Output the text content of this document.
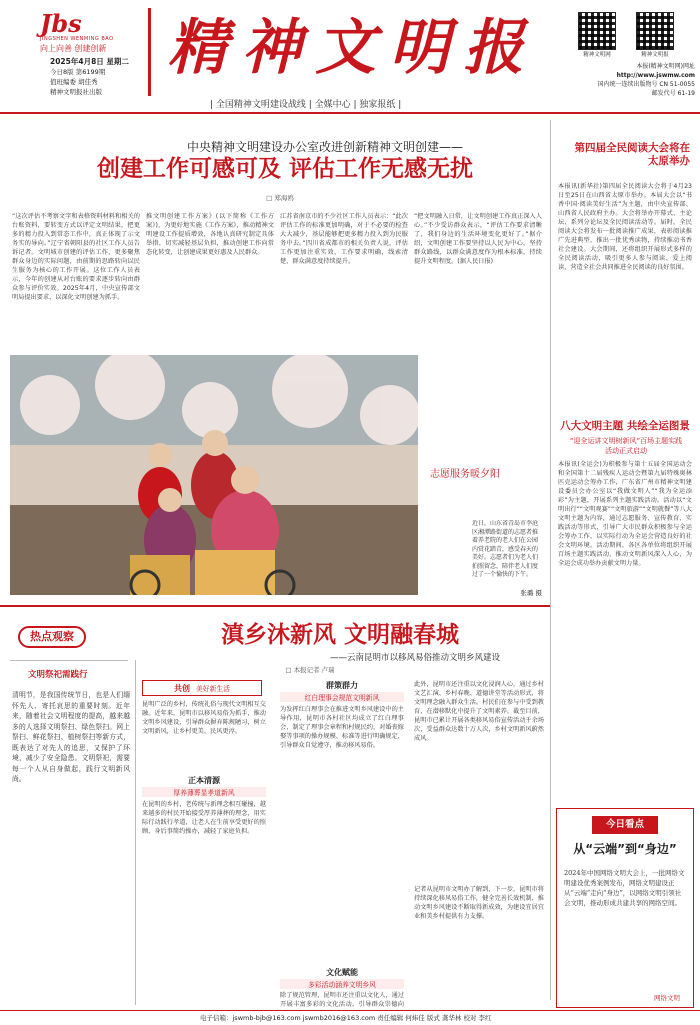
Jbs
JINGSHEN WENMING BAO
向上向善 创建创新
2025年4月8日 星期二
今日8版 第6199期
值班编委 胡佳秀
精神文明报社出版
精神文明报	精神文明网	精神文明报
本报(精神文明网)网址
http://www.jswmw.com
国内统一连续出版物号 CN 51-0055
邮发代号 61-19
| 全国精神文明建设战线 | 全媒中心 | 独家报纸 |
中央精神文明建设办公室改进创新精神文明创建——
创建工作可感可及 评估工作无感无扰
□ 郑海鸥
“这次评估不考察文字和表格资料材料和相关的台账资料，要转变方式以评定文明结果，把更多的精力投入到常态工作中，真正体现了示文务实的导向。”辽宁省朝阳县的社区工作人员告诉记者。文明城市创建的评估工作，更多聚焦群众身边的实际问题，由前期的思路转向以民生服务为核心的工作开展。这位工作人员表示，今年的创建从对台账的要求逐步转向由群众参与评价实效。2025年4月，中央宣传部文明局提出要求，以深化文明创建为抓手。
推文明创建工作方案》(以下简称《工作方案》)，为更好地实施《工作方案》，推动精神文明建设工作提质增效，各地认真研究制定具体举措，切实减轻基层负担，推动创建工作向常态化转变，让创建成果更好惠及人民群众。
江苏省南京市的不少社区工作人员表示：“此次评估工作的标准更加明确，对于不必要的检查大大减少，基层能够把更多精力投入到为民服务中去。”四川省成都市的相关负责人说，评估工作更加注重实效，工作要求明确，线索清楚，群众满意度持续提升。
“把文明融入日常，让文明创建工作真正深入人心。”不少受访群众表示，“评估工作要求清晰了，我们身边的生活环境变化更好了。”据介绍，文明创建工作要坚持以人民为中心，坚持群众路线，以群众满意度作为根本标准，持续提升文明程度。(据人民日报)
第四届全民阅读大会将在太原举办
本报讯(新华社)第四届全民阅读大会将于4月23日至25日在山西省太原市举办。本届大会以“书香中国·阅读美好生活”为主题，由中央宣传部、山西省人民政府主办。大会将举办开幕式、主论坛、系列分论坛及全民阅读活动等。届时，全民阅读大会将发布一批阅读推广成果，表彰阅读推广先进典型，推出一批优秀读物，持续推动书香社会建设。大会期间，还将组织开展形式多样的全民阅读活动，吸引更多人参与阅读、爱上阅读，营造全社会共同推进全民阅读的良好氛围。
八大文明主题 共绘全运图景
“迎全运讲文明树新风”百场主题实践活动正式启动
本报讯(全运会)为积极参与第十五届全国运动会和全国第十二届残疾人运动会暨第九届特殊奥林匹克运动会筹办工作，广东省广州市精神文明建设委员会办公室以“我做文明人”“我为全运添彩”为主题，开展系列主题实践活动。活动以“文明出行”“文明观赛”“文明旅游”“文明就餐”等八大文明主题为内容，通过志愿服务、宣传教育、实践活动等形式，引导广大市民群众积极参与全运会筹办工作，以实际行动为全运会营造良好的社会文明环境。活动期间，各区各单位将组织开展百场主题实践活动，推动文明新风深入人心，为全运会成功举办贡献文明力量。
志愿服务暖夕阳
近日，山东省青岛市李沧区湘潭路街道的志愿者推着养老院的老人们在公园内赏花踏青，感受春天的美好。志愿者们为老人们拍照留念，陪伴老人们度过了一个愉快的下午。
张璐 摄
热点观察	滇乡沐新风 文明融春城
——云南昆明市以移风易俗推动文明乡风建设
□ 本报记者 卢瑞
文明祭祀需践行
清明节，是我国传统节日，也是人们缅怀先人、寄托哀思的重要时刻。近年来，随着社会文明程度的提高，越来越多的人选择文明祭扫、绿色祭扫。网上祭扫、鲜花祭扫、植树祭扫等新方式，既表达了对先人的追思，又保护了环境，减少了安全隐患。文明祭祀，需要每一个人从自身做起，践行文明新风尚。
共创 美好新生活
昆明广泛的乡村，传统礼俗与现代文明相互交融。近年来，昆明市以移风易俗为抓手，推动文明乡风建设，引导群众摒弃陈规陋习，树立文明新风，让乡村更美、民风更淳。
正本清源
厚养薄葬显孝道新风
在昆明的乡村，老传统与新理念相互碰撞，越来越多的村民开始接受厚养薄葬的理念，用实际行动践行孝道，让老人在生前享受更好的照顾，身后事简约操办，减轻了家庭负担。
群策群力
红白理事会规范文明新风
为发挥红白理事会在推进文明乡风建设中的主导作用，昆明市各村社区均成立了红白理事会，制定了理事会章程和村规民约，对婚丧嫁娶等事项的操办规模、标准等进行明确规定，引导群众自觉遵守，推动移风易俗。
文化赋能
多彩活动涵养文明乡风
除了规范管理，昆明市还注重以文化人，通过开展丰富多彩的文化活动，引导群众崇德向
此外，昆明市还注重以文化浸润人心，通过乡村文艺汇演、乡村春晚、道德讲堂等活动形式，将文明理念融入群众生活。村民们在参与中受到教育，在潜移默化中提升了文明素养。截至目前，昆明市已累计开展各类移风易俗宣传活动千余场次，受益群众达数十万人次，乡村文明新风蔚然成风。
记者从昆明市文明办了解到，下一步，昆明市将持续深化移风易俗工作，健全完善长效机制，推动文明乡风建设不断取得新成效，为建设宜居宜业和美乡村提供有力支撑。
今日看点
从“云端”到“身边”
2024年中国网络文明大会上，一批网络文明建设优秀案例发布，网络文明建设正从“云端”走向“身边”，以网络文明引领社会文明，推动形成共建共享的网络空间。
网络文明
电子信箱：jswmb-bjb@163.com jswmb2016@163.com 责任编辑 何炜佳 版式 龚华林 校对 李红
